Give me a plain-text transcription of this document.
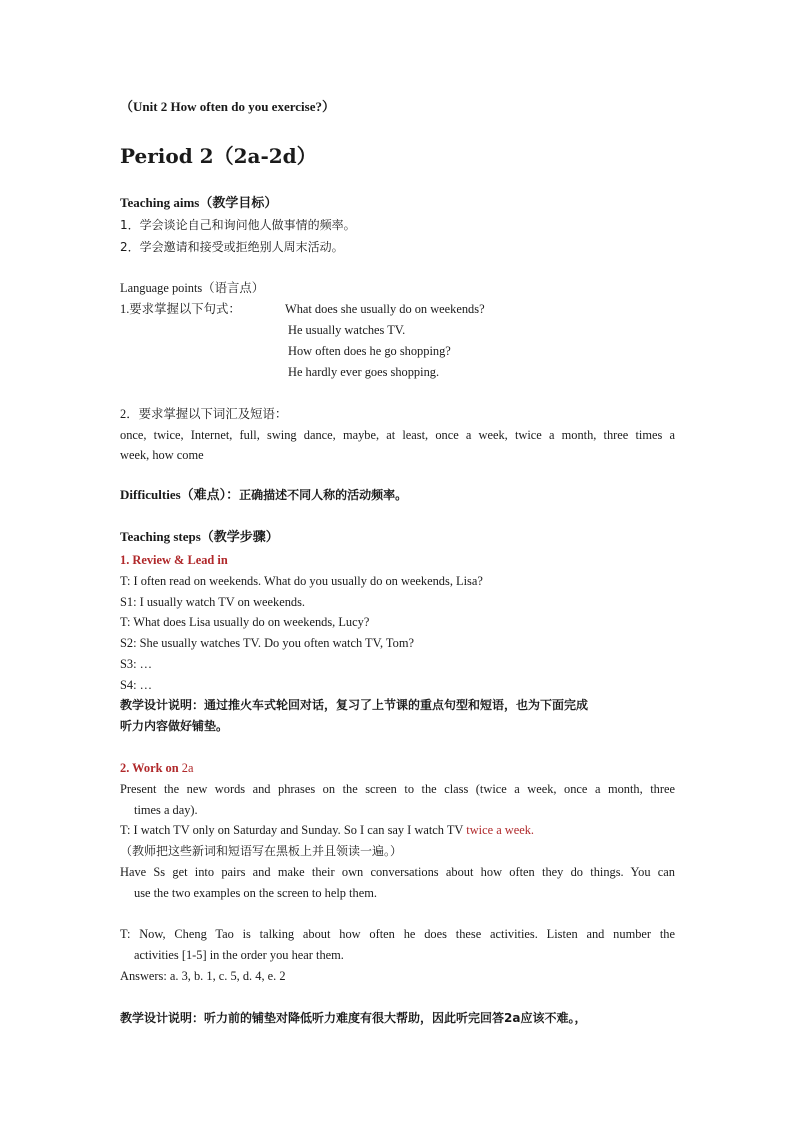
（Unit 2 How often do you exercise?）
Period 2（2a-2d）
Teaching aims（教学目标）
1．学会谈论自己和询问他人做事情的频率。
2．学会邀请和接受或拒绝别人周末活动。
Language points（语言点）
1.要求掌握以下句式：	What does she usually do on weekends?
He usually watches TV.
How often does he go shopping?
He hardly ever goes shopping.
2．要求掌握以下词汇及短语：
once, twice, Internet, full, swing dance, maybe, at least, once a week, twice a month, three times a
week, how come
Difficulties（难点）：正确描述不同人称的活动频率。
Teaching steps（教学步骤）
1. Review & Lead in
T: I often read on weekends. What do you usually do on weekends, Lisa?
S1: I usually watch TV on weekends.
T: What does Lisa usually do on weekends, Lucy?
S2: She usually watches TV. Do you often watch TV, Tom?
S3: …
S4: …
教学设计说明：通过推火车式轮回对话，复习了上节课的重点句型和短语，也为下面完成
听力内容做好铺垫。
2. Work on 2a
Present the new words and phrases on the screen to the class (twice a week, once a month, three
times a day).
T: I watch TV only on Saturday and Sunday. So I can say I watch TV twice a week.
（教师把这些新词和短语写在黑板上并且领读一遍。）
Have Ss get into pairs and make their own conversations about how often they do things. You can
use the two examples on the screen to help them.
T: Now, Cheng Tao is talking about how often he does these activities. Listen and number the
activities [1-5] in the order you hear them.
Answers: a. 3, b. 1, c. 5, d. 4, e. 2
教学设计说明：听力前的铺垫对降低听力难度有很大帮助，因此听完回答2a应该不难。，
